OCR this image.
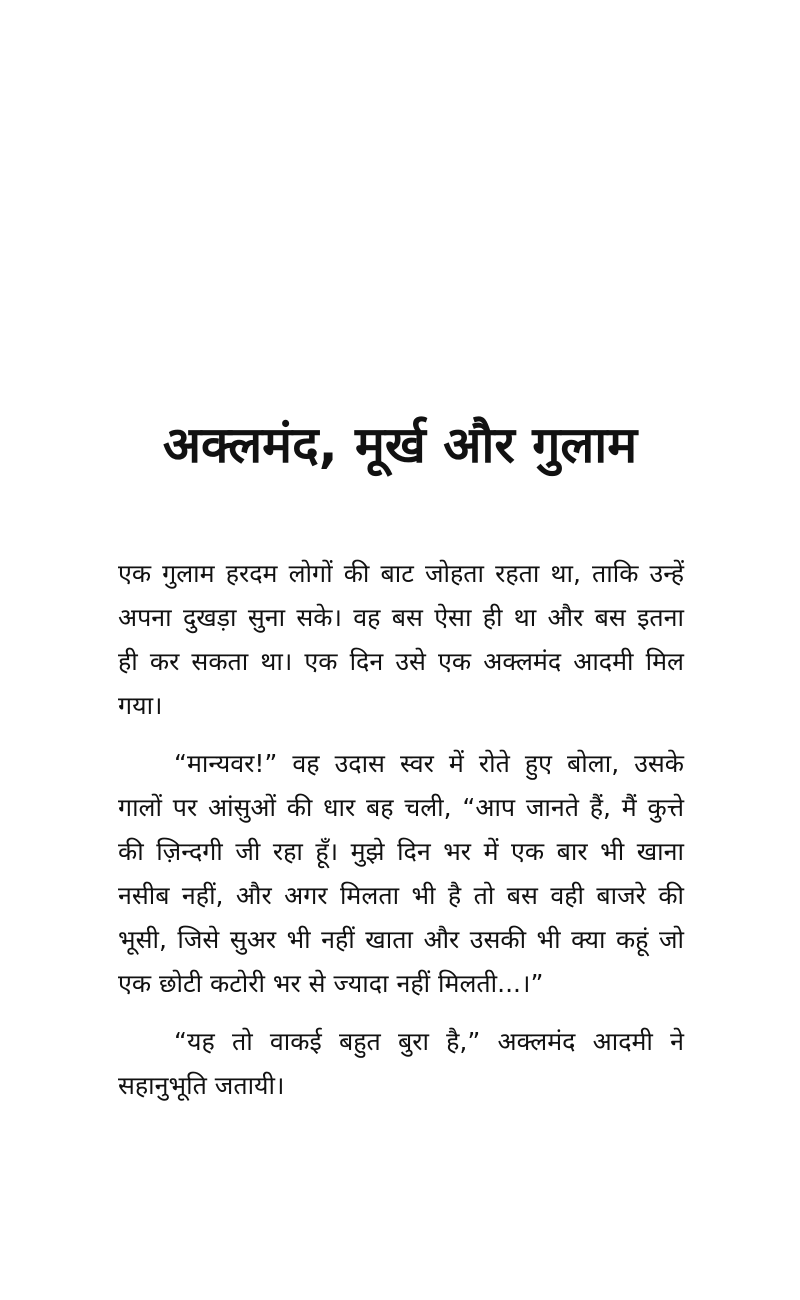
अक्लमंद, मूर्ख और गुलाम

एक गुलाम हरदम लोगों की बाट जोहता रहता था, ताकि उन्हें
अपना दुखड़ा सुना सके। वह बस ऐसा ही था और बस इतना
ही कर सकता था। एक दिन उसे एक अक्लमंद आदमी मिल
गया।

“मान्यवर!” वह उदास स्वर में रोते हुए बोला, उसके
गालों पर आंसुओं की धार बह चली, “आप जानते हैं, मैं कुत्ते
की ज़िन्दगी जी रहा हूँ। मुझे दिन भर में एक बार भी खाना
नसीब नहीं, और अगर मिलता भी है तो बस वही बाजरे की
भूसी, जिसे सुअर भी नहीं खाता और उसकी भी क्या कहूं जो
एक छोटी कटोरी भर से ज्यादा नहीं मिलती...।”

“यह तो वाकई बहुत बुरा है,” अक्लमंद आदमी ने
सहानुभूति जतायी।
